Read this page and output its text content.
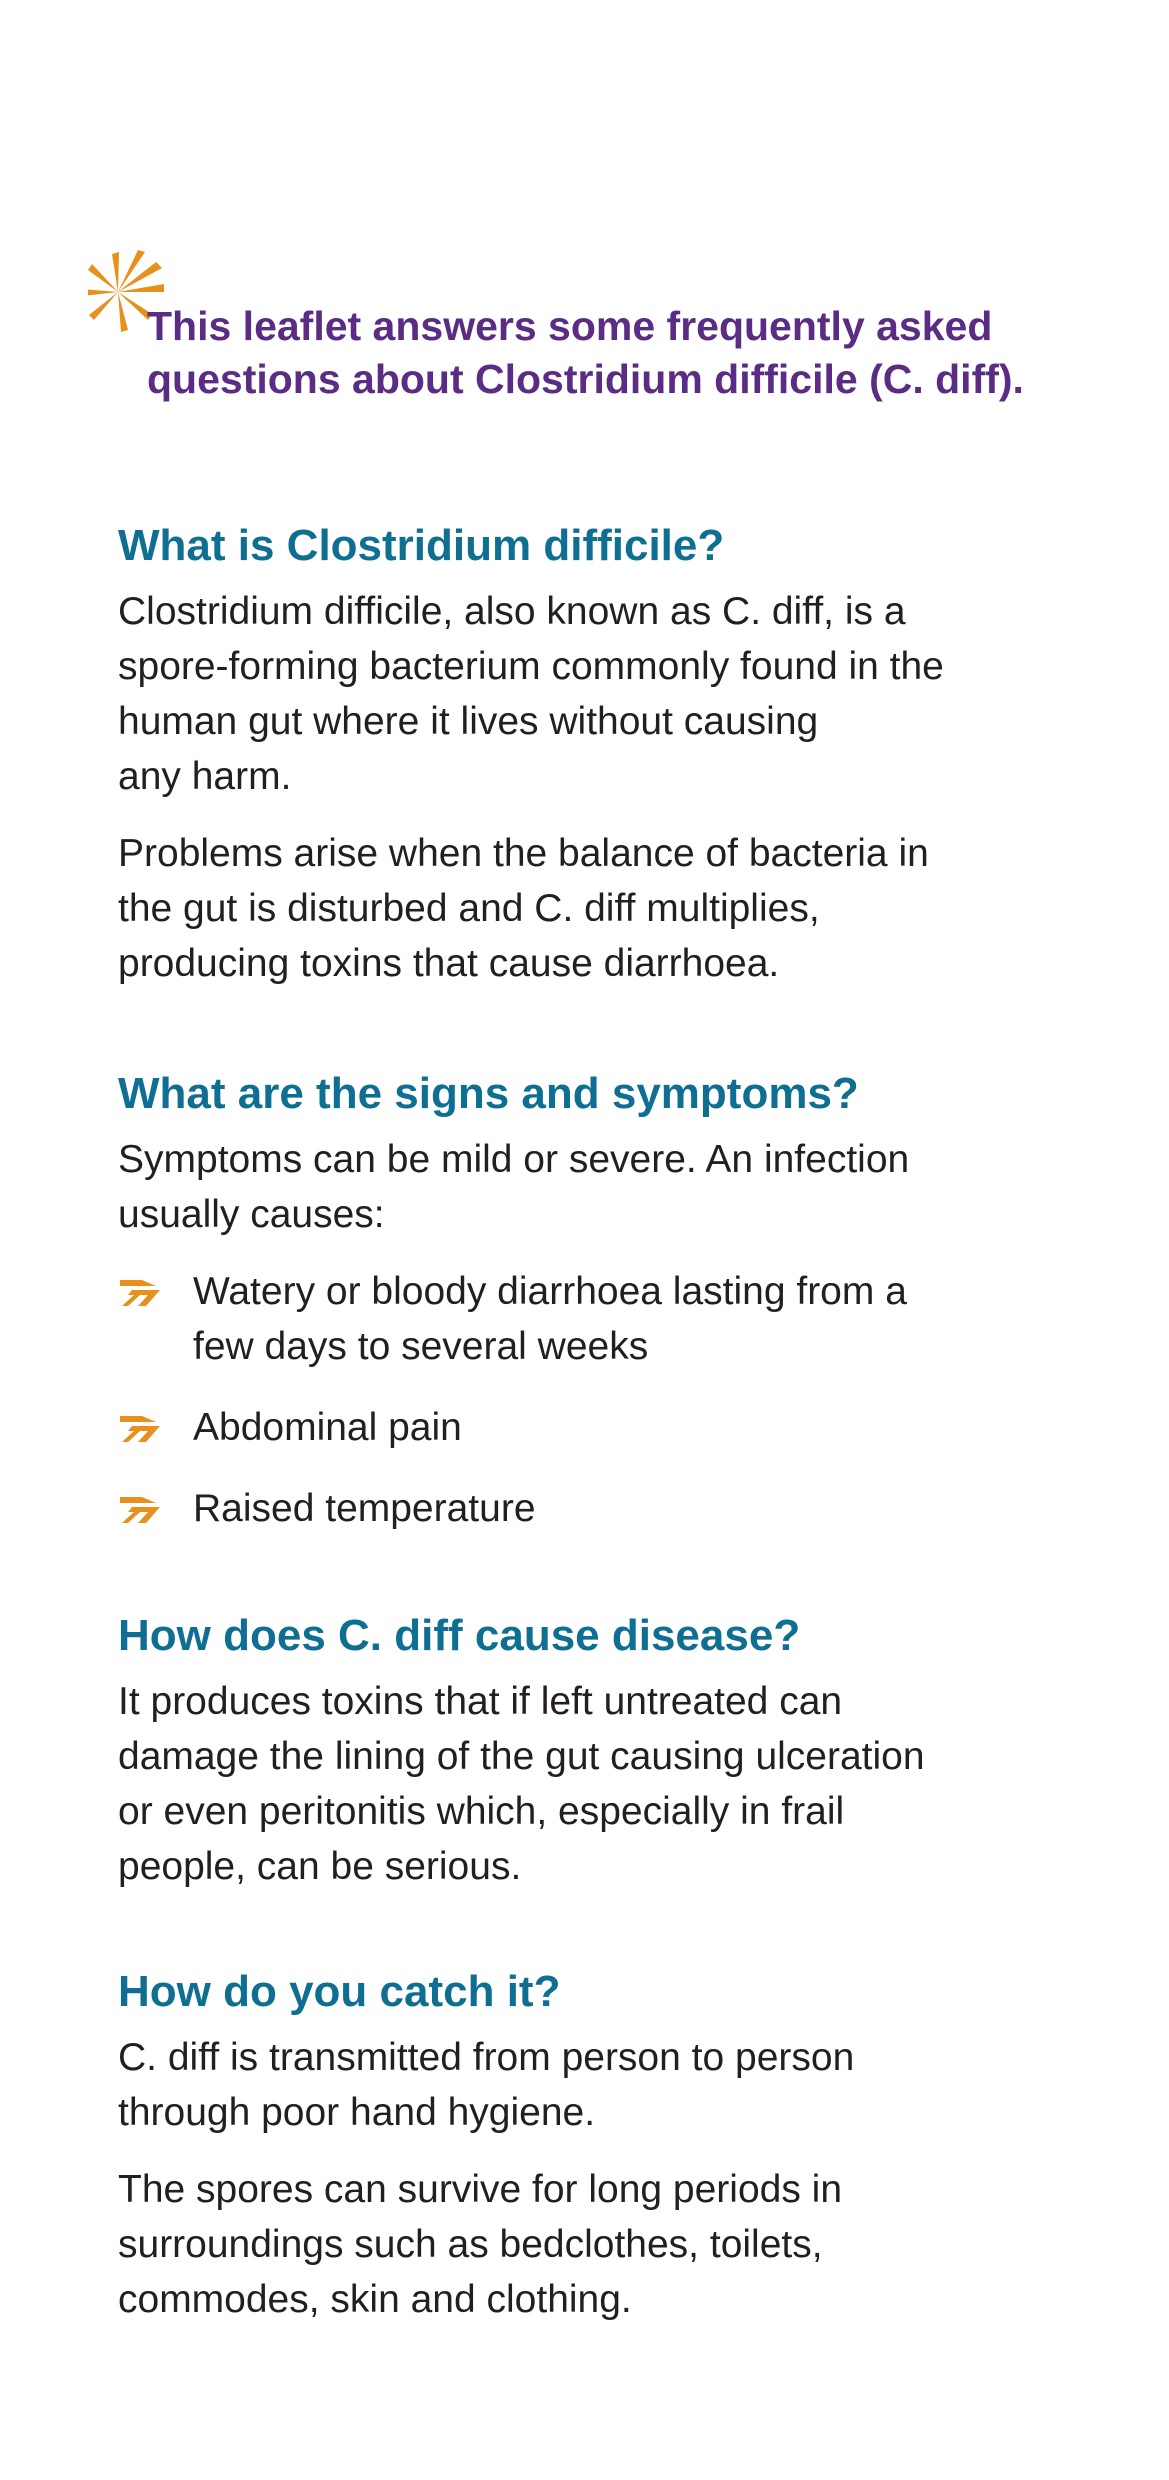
This leaflet answers some frequently asked
questions about Clostridium difficile (C. diff).
What is Clostridium difficile?

Clostridium difficile, also known as C. diff, is a
spore-forming bacterium commonly found in the
human gut where it lives without causing
any harm.

Problems arise when the balance of bacteria in
the gut is disturbed and C. diff multiplies,
producing toxins that cause diarrhoea.

What are the signs and symptoms?

Symptoms can be mild or severe. An infection
usually causes:

Watery or bloody diarrhoea lasting from a
few days to several weeks
Abdominal pain
Raised temperature
How does C. diff cause disease?

It produces toxins that if left untreated can
damage the lining of the gut causing ulceration
or even peritonitis which, especially in frail
people, can be serious.

How do you catch it?

C. diff is transmitted from person to person
through poor hand hygiene.

The spores can survive for long periods in
surroundings such as bedclothes, toilets,
commodes, skin and clothing.
